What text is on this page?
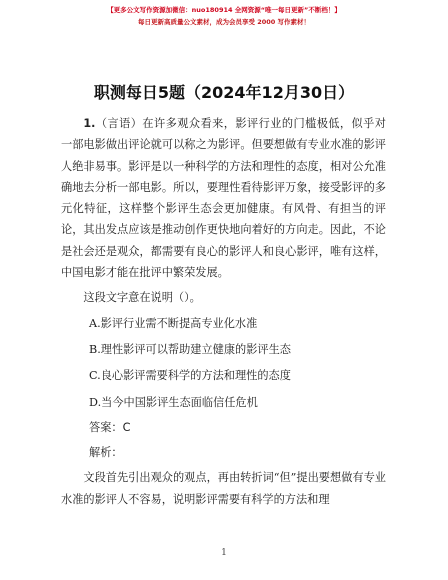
【更多公文写作资源加微信：nuo180914 全网资源“唯一每日更新”不断档！】
每日更新高质量公文素材，成为会员享受 2000 写作素材！
职测每日5题（2024年12月30日）

1.（言语）在许多观众看来，影评行业的门槛极低，似乎对一部电影做出评论就可以称之为影评。但要想做有专业水准的影评人绝非易事。影评是以一种科学的方法和理性的态度，相对公允准确地去分析一部电影。所以，要理性看待影评万象，接受影评的多元化特征，这样整个影评生态会更加健康。有风骨、有担当的评论，其出发点应该是推动创作更快地向着好的方向走。因此，不论是社会还是观众，都需要有良心的影评人和良心影评，唯有这样，中国电影才能在批评中繁荣发展。

这段文字意在说明（）。

A.影评行业需不断提高专业化水准
B.理性影评可以帮助建立健康的影评生态
C.良心影评需要科学的方法和理性的态度
D.当今中国影评生态面临信任危机
答案：C
解析：

文段首先引出观众的观点，再由转折词“但”提出要想做有专业水准的影评人不容易，说明影评需要有科学的方法和理

1
